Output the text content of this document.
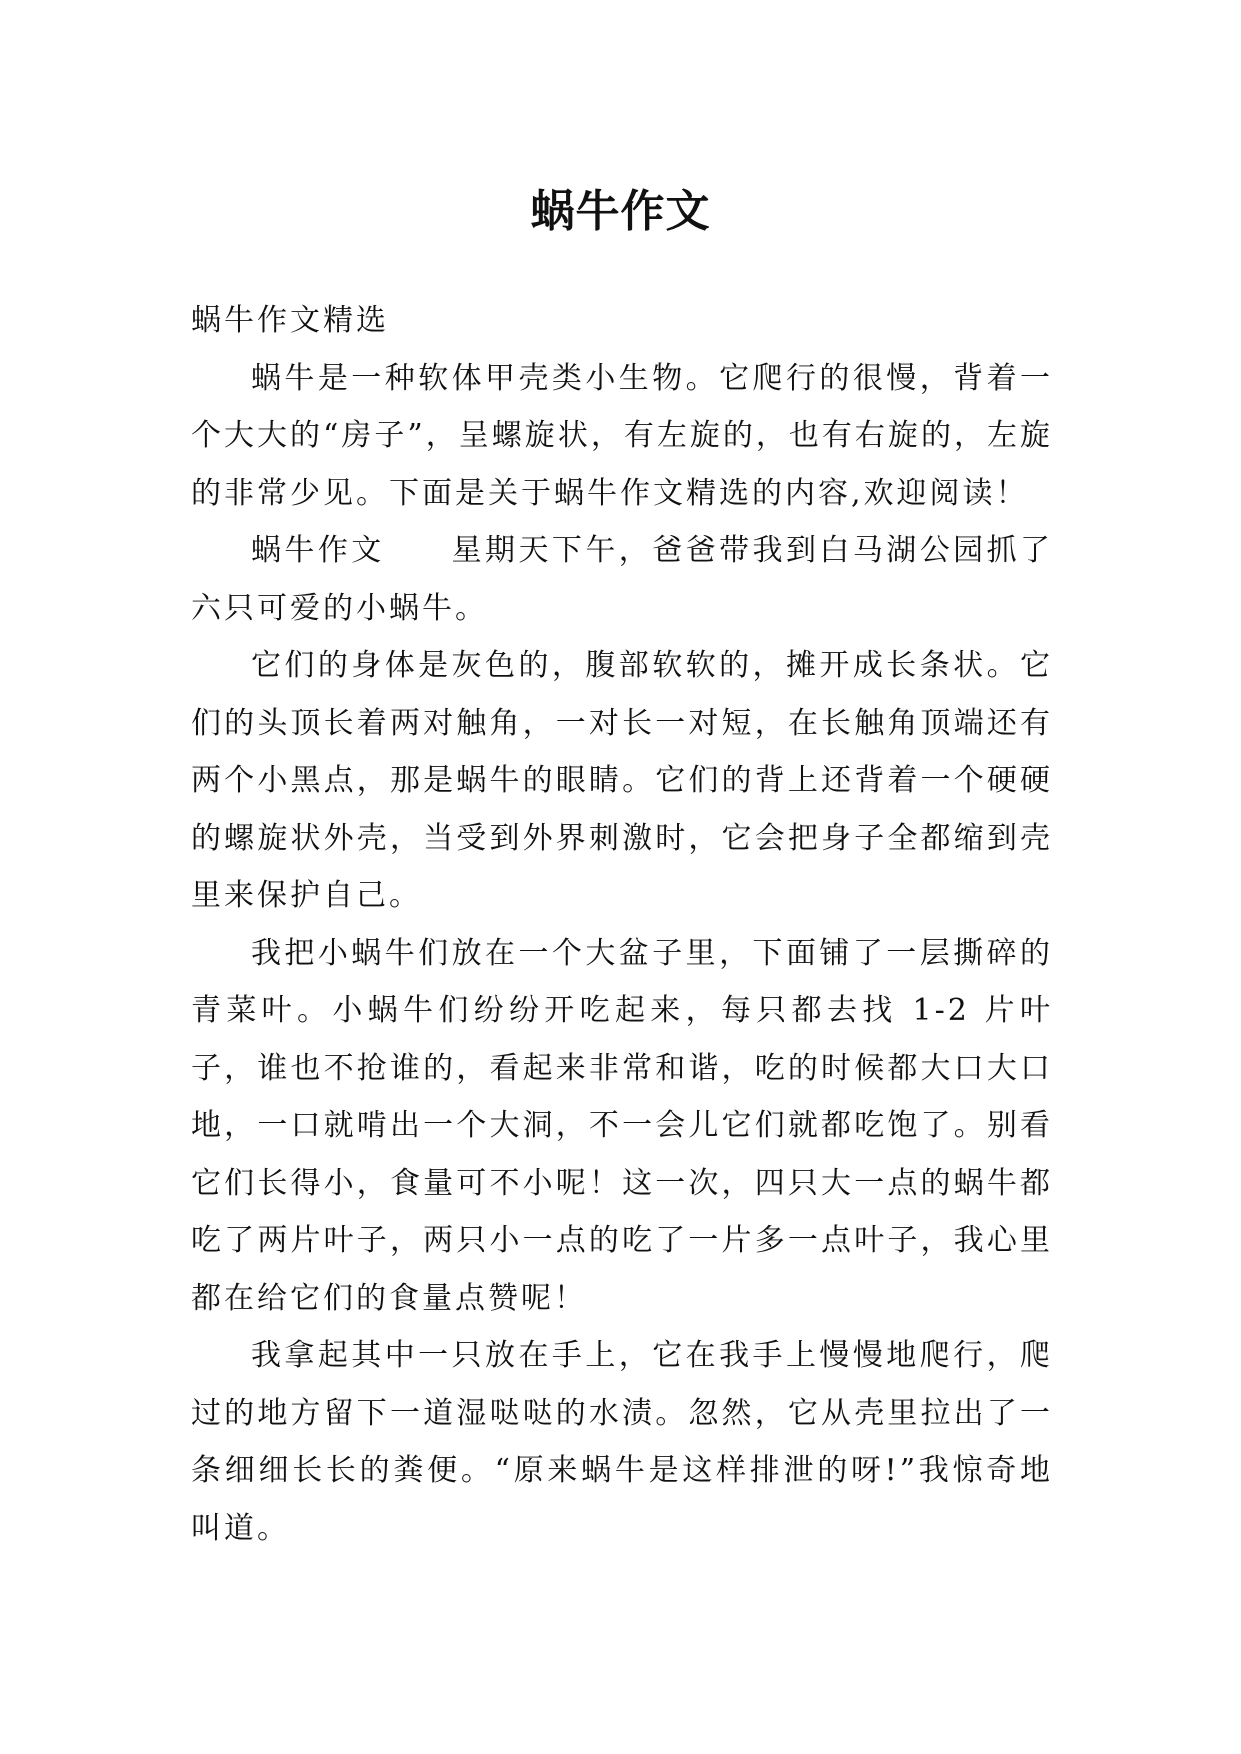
蜗牛作文

蜗牛作文精选

蜗牛是一种软体甲壳类小生物。它爬行的很慢，背着一个大大的“房子”，呈螺旋状，有左旋的，也有右旋的，左旋的非常少见。下面是关于蜗牛作文精选的内容,欢迎阅读！

蜗牛作文　　星期天下午，爸爸带我到白马湖公园抓了六只可爱的小蜗牛。

它们的身体是灰色的，腹部软软的，摊开成长条状。它们的头顶长着两对触角，一对长一对短，在长触角顶端还有两个小黑点，那是蜗牛的眼睛。它们的背上还背着一个硬硬的螺旋状外壳，当受到外界刺激时，它会把身子全都缩到壳里来保护自己。

我把小蜗牛们放在一个大盆子里，下面铺了一层撕碎的青菜叶。小蜗牛们纷纷开吃起来，每只都去找 1-2 片叶子，谁也不抢谁的，看起来非常和谐，吃的时候都大口大口地，一口就啃出一个大洞，不一会儿它们就都吃饱了。别看它们长得小，食量可不小呢！这一次，四只大一点的蜗牛都吃了两片叶子，两只小一点的吃了一片多一点叶子，我心里都在给它们的食量点赞呢！

我拿起其中一只放在手上，它在我手上慢慢地爬行，爬过的地方留下一道湿哒哒的水渍。忽然，它从壳里拉出了一条细细长长的粪便。“原来蜗牛是这样排泄的呀!”我惊奇地叫道。
